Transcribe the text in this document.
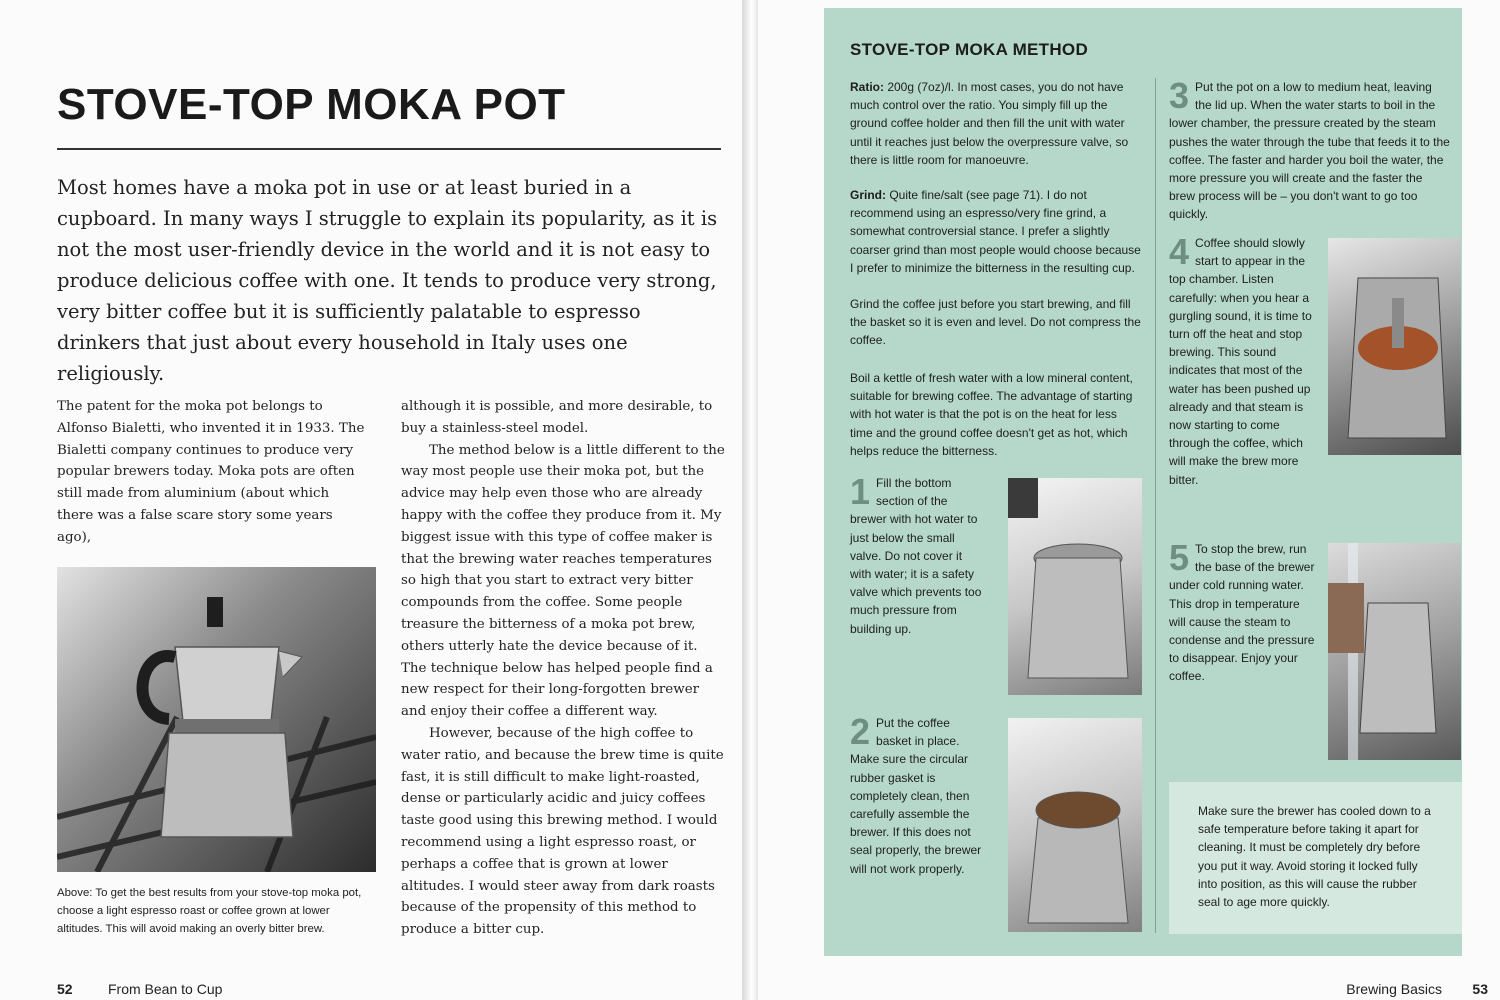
STOVE-TOP MOKA POT

Most homes have a moka pot in use or at least buried in a cupboard. In many ways I struggle to explain its popularity, as it is not the most user-friendly device in the world and it is not easy to produce delicious coffee with one. It tends to produce very strong, very bitter coffee but it is sufficiently palatable to espresso drinkers that just about every household in Italy uses one religiously.

The patent for the moka pot belongs to Alfonso Bialetti, who invented it in 1933. The Bialetti company continues to produce very popular brewers today. Moka pots are often still made from aluminium (about which there was a false scare story some years ago),

although it is possible, and more desirable, to buy a stainless-steel model.

The method below is a little different to the way most people use their moka pot, but the advice may help even those who are already happy with the coffee they produce from it. My biggest issue with this type of coffee maker is that the brewing water reaches temperatures so high that you start to extract very bitter compounds from the coffee. Some people treasure the bitterness of a moka pot brew, others utterly hate the device because of it. The technique below has helped people find a new respect for their long-forgotten brewer and enjoy their coffee a different way.

However, because of the high coffee to water ratio, and because the brew time is quite fast, it is still difficult to make light-roasted, dense or particularly acidic and juicy coffees taste good using this brewing method. I would recommend using a light espresso roast, or perhaps a coffee that is grown at lower altitudes. I would steer away from dark roasts because of the propensity of this method to produce a bitter cup.

Above: To get the best results from your stove-top moka pot, choose a light espresso roast or coffee grown at lower altitudes. This will avoid making an overly bitter brew.

52	From Bean to Cup
STOVE-TOP MOKA METHOD

Ratio: 200g (7oz)/l. In most cases, you do not have much control over the ratio. You simply fill up the ground coffee holder and then fill the unit with water until it reaches just below the overpressure valve, so there is little room for manoeuvre.

Grind: Quite fine/salt (see page 71). I do not recommend using an espresso/very fine grind, a somewhat controversial stance. I prefer a slightly coarser grind than most people would choose because I prefer to minimize the bitterness in the resulting cup.

Grind the coffee just before you start brewing, and fill the basket so it is even and level. Do not compress the coffee.

Boil a kettle of fresh water with a low mineral content, suitable for brewing coffee. The advantage of starting with hot water is that the pot is on the heat for less time and the ground coffee doesn't get as hot, which helps reduce the bitterness.

1 Fill the bottom section of the brewer with hot water to just below the small valve. Do not cover it with water; it is a safety valve which prevents too much pressure from building up.
2 Put the coffee basket in place. Make sure the circular rubber gasket is completely clean, then carefully assemble the brewer. If this does not seal properly, the brewer will not work properly.
3 Put the pot on a low to medium heat, leaving the lid up. When the water starts to boil in the lower chamber, the pressure created by the steam pushes the water through the tube that feeds it to the coffee. The faster and harder you boil the water, the more pressure you will create and the faster the brew process will be – you don't want to go too quickly.
4 Coffee should slowly start to appear in the top chamber. Listen carefully: when you hear a gurgling sound, it is time to turn off the heat and stop brewing. This sound indicates that most of the water has been pushed up already and that steam is now starting to come through the coffee, which will make the brew more bitter.
5 To stop the brew, run the base of the brewer under cold running water. This drop in temperature will cause the steam to condense and the pressure to disappear. Enjoy your coffee.

Make sure the brewer has cooled down to a safe temperature before taking it apart for cleaning. It must be completely dry before you put it way. Avoid storing it locked fully into position, as this will cause the rubber seal to age more quickly.

Brewing Basics 53
